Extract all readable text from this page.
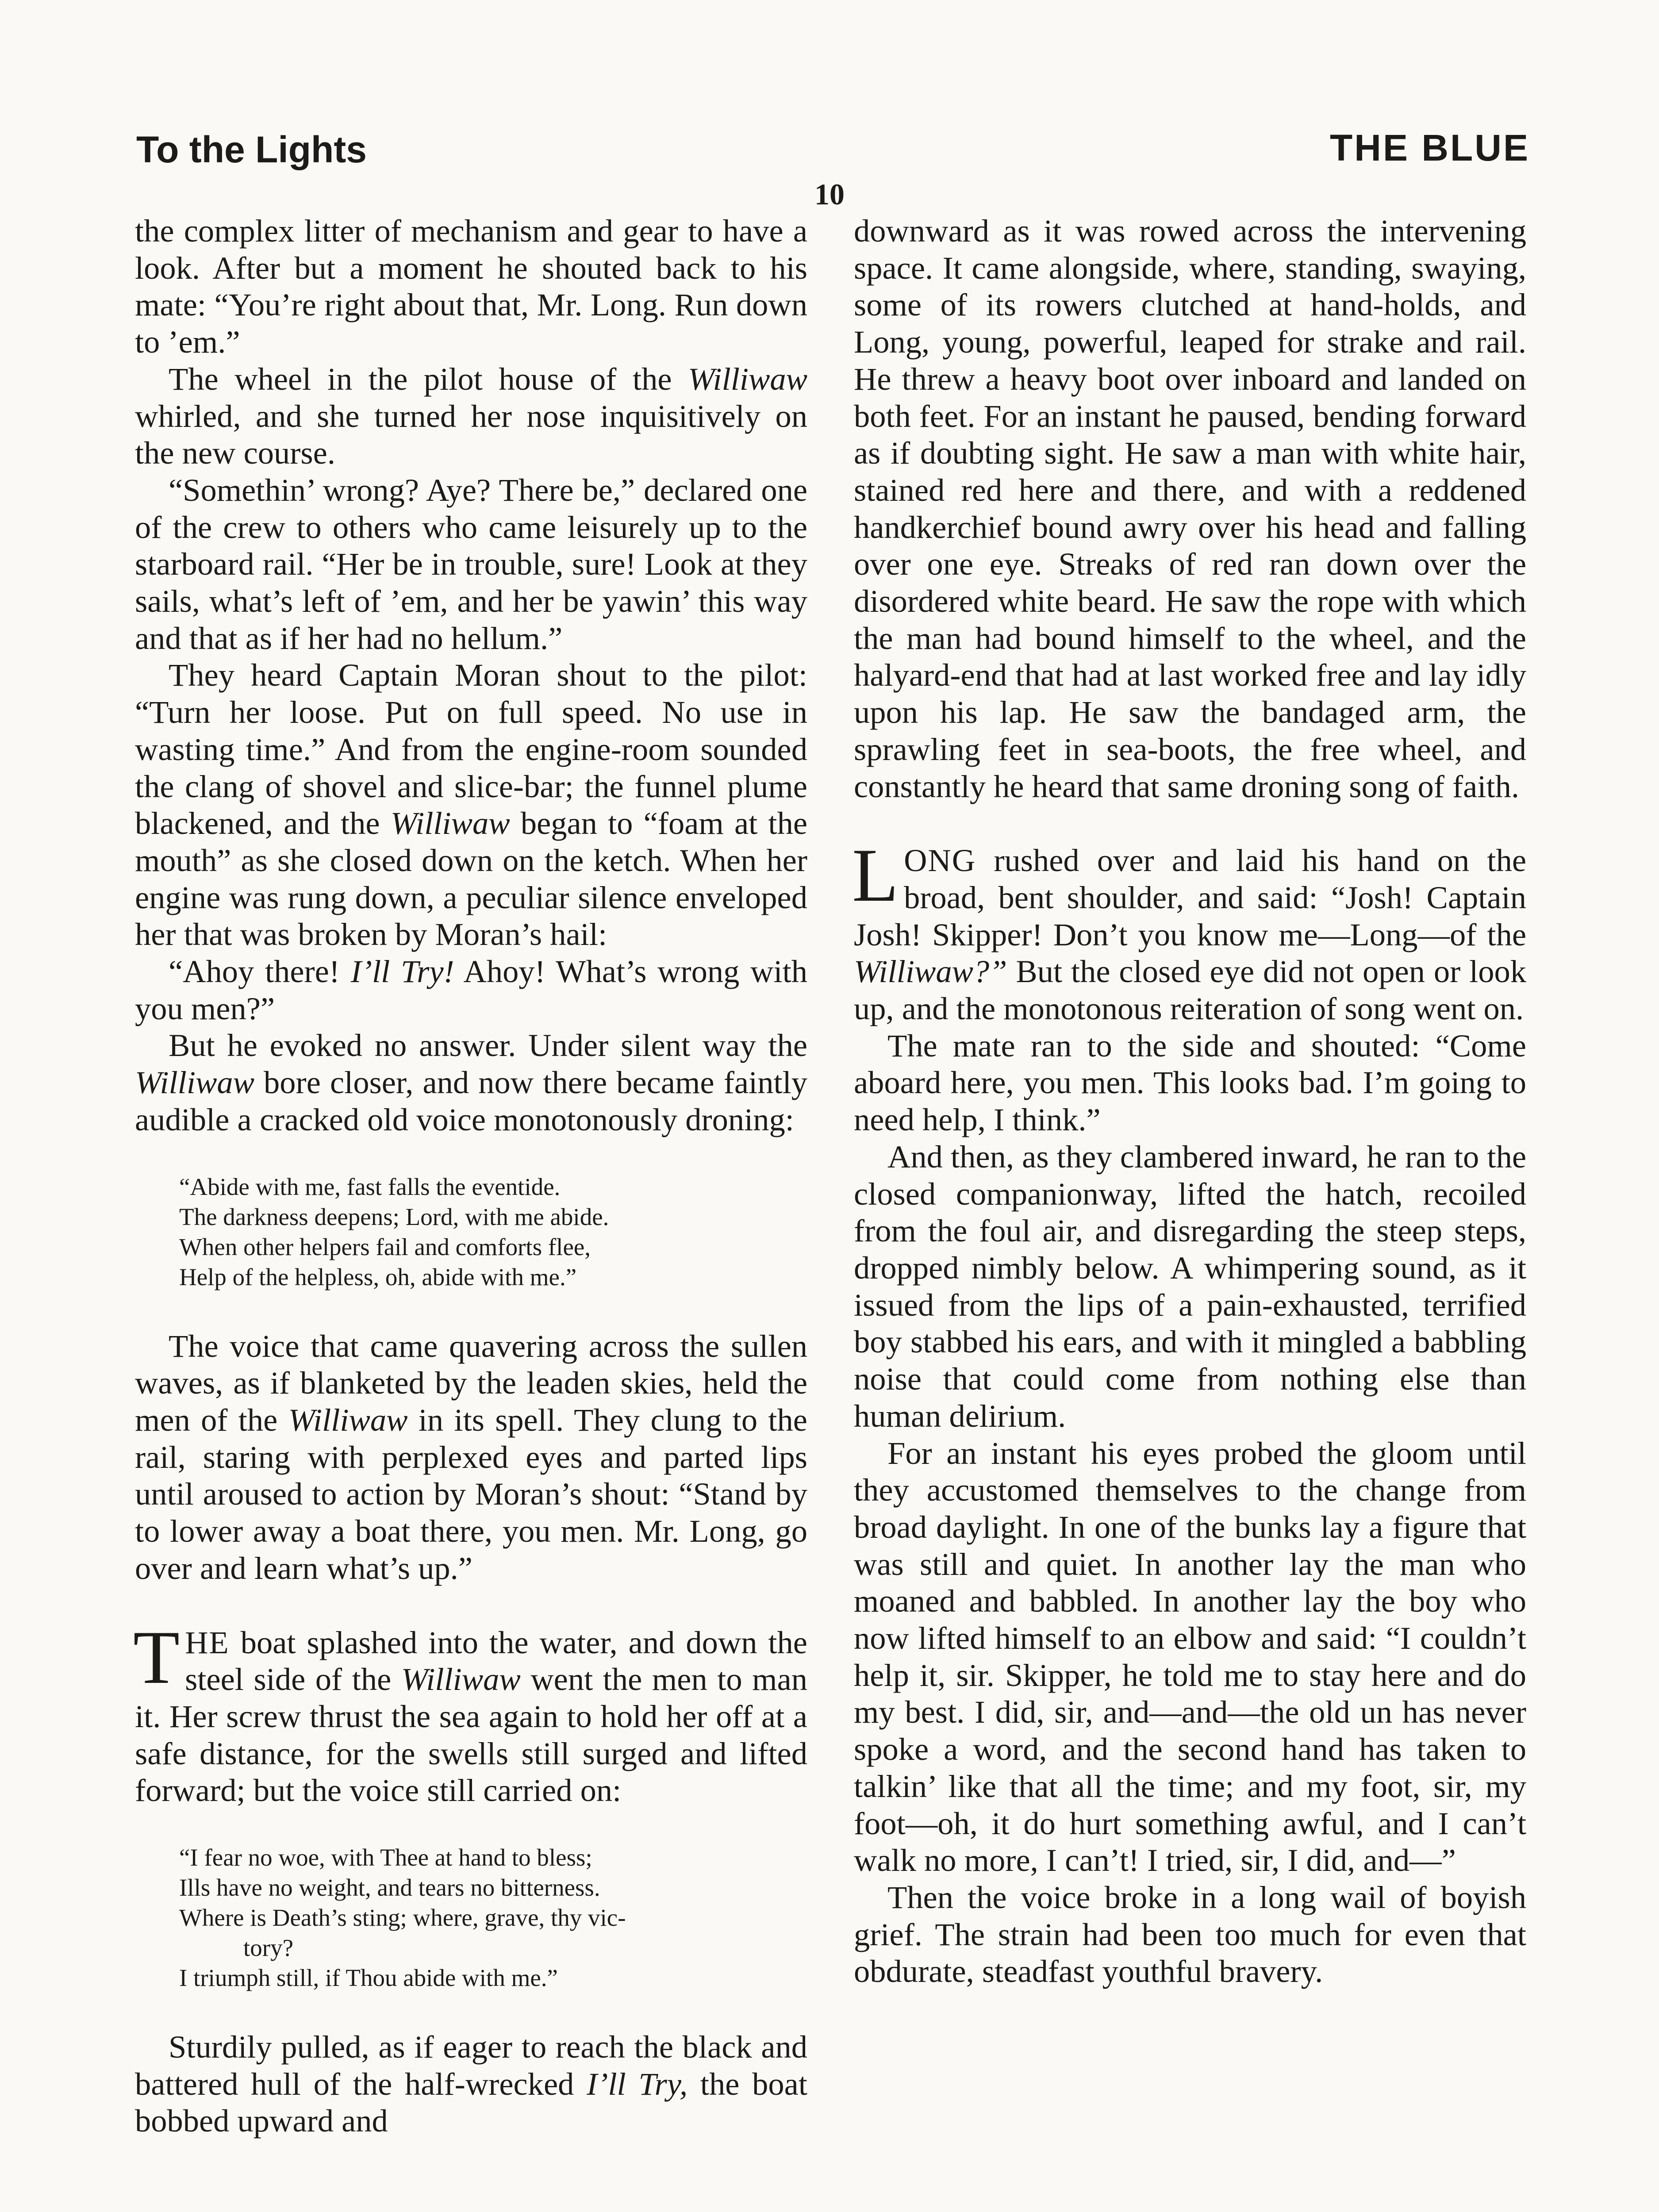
To the Lights	THE BLUE
10

the complex litter of mechanism and gear to have a look. After but a moment he shouted back to his mate: “You’re right about that, Mr. Long. Run down to ’em.”

The wheel in the pilot house of the Williwaw whirled, and she turned her nose inquisitively on the new course.

“Somethin’ wrong? Aye? There be,” declared one of the crew to others who came leisurely up to the starboard rail. “Her be in trouble, sure! Look at they sails, what’s left of ’em, and her be yawin’ this way and that as if her had no hellum.”

They heard Captain Moran shout to the pilot: “Turn her loose. Put on full speed. No use in wasting time.” And from the engine-room sounded the clang of shovel and slice-bar; the funnel plume blackened, and the Williwaw began to “foam at the mouth” as she closed down on the ketch. When her engine was rung down, a peculiar silence enveloped her that was broken by Moran’s hail:

“Ahoy there! I’ll Try! Ahoy! What’s wrong with you men?”

But he evoked no answer. Under silent way the Williwaw bore closer, and now there became faintly audible a cracked old voice monotonously droning:

“Abide with me, fast falls the eventide.
The darkness deepens; Lord, with me abide.
When other helpers fail and comforts flee,
Help of the helpless, oh, abide with me.”

The voice that came quavering across the sullen waves, as if blanketed by the leaden skies, held the men of the Williwaw in its spell. They clung to the rail, staring with perplexed eyes and parted lips until aroused to action by Moran’s shout: “Stand by to lower away a boat there, you men. Mr. Long, go over and learn what’s up.”

THE boat splashed into the water, and down the steel side of the Williwaw went the men to man it. Her screw thrust the sea again to hold her off at a safe distance, for the swells still surged and lifted forward; but the voice still carried on:

“I fear no woe, with Thee at hand to bless;
Ills have no weight, and tears no bitterness.
Where is Death’s sting; where, grave, thy vic-
tory?
I triumph still, if Thou abide with me.”

Sturdily pulled, as if eager to reach the black and battered hull of the half-wrecked I’ll Try, the boat bobbed upward and

downward as it was rowed across the intervening space. It came alongside, where, standing, swaying, some of its rowers clutched at hand-holds, and Long, young, powerful, leaped for strake and rail. He threw a heavy boot over inboard and landed on both feet. For an instant he paused, bending forward as if doubting sight. He saw a man with white hair, stained red here and there, and with a reddened handkerchief bound awry over his head and falling over one eye. Streaks of red ran down over the disordered white beard. He saw the rope with which the man had bound himself to the wheel, and the halyard-end that had at last worked free and lay idly upon his lap. He saw the bandaged arm, the sprawling feet in sea-boots, the free wheel, and constantly he heard that same droning song of faith.

LONG rushed over and laid his hand on the broad, bent shoulder, and said: “Josh! Captain Josh! Skipper! Don’t you know me—Long—of the Williwaw?” But the closed eye did not open or look up, and the monotonous reiteration of song went on.

The mate ran to the side and shouted: “Come aboard here, you men. This looks bad. I’m going to need help, I think.”

And then, as they clambered inward, he ran to the closed companionway, lifted the hatch, recoiled from the foul air, and disregarding the steep steps, dropped nimbly below. A whimpering sound, as it issued from the lips of a pain-exhausted, terrified boy stabbed his ears, and with it mingled a babbling noise that could come from nothing else than human delirium.

For an instant his eyes probed the gloom until they accustomed themselves to the change from broad daylight. In one of the bunks lay a figure that was still and quiet. In another lay the man who moaned and babbled. In another lay the boy who now lifted himself to an elbow and said: “I couldn’t help it, sir. Skipper, he told me to stay here and do my best. I did, sir, and—and—the old un has never spoke a word, and the second hand has taken to talkin’ like that all the time; and my foot, sir, my foot—oh, it do hurt something awful, and I can’t walk no more, I can’t! I tried, sir, I did, and—”

Then the voice broke in a long wail of boyish grief. The strain had been too much for even that obdurate, steadfast youthful bravery.
